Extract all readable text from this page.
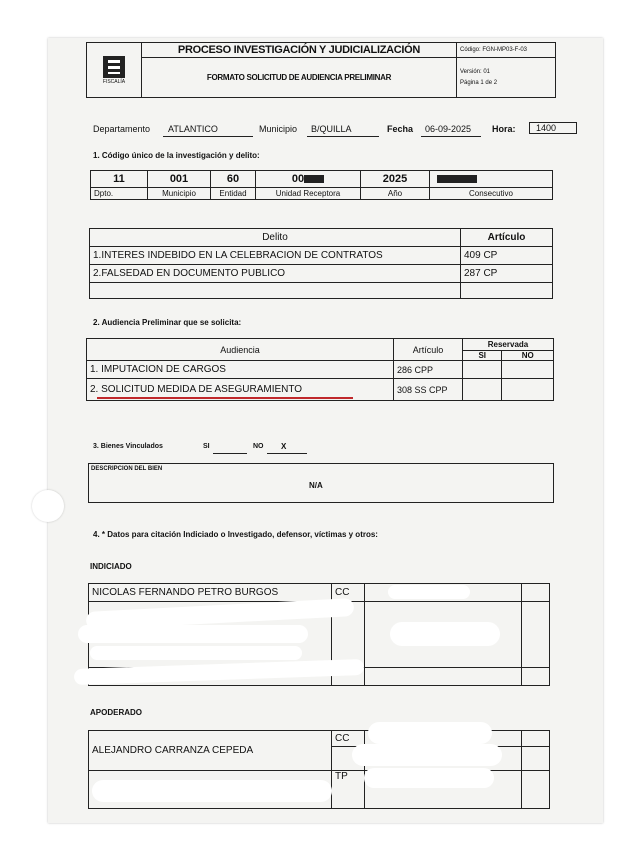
FISCALÍA	PROCESO INVESTIGACIÓN Y JUDICIALIZACIÓN	Código: FGN-MP03-F-03
	FORMATO SOLICITUD DE AUDIENCIA PRELIMINAR	Versión: 01
Página 1 de 2
Departamento ATLANTICO	Municipio B/QUILLA	Fecha 06-09-2025 Hora:	1400
1. Código único de la investigación y delito:
11	001	60	00	2025	
Dpto.	Municipio	Entidad	Unidad Receptora	Año	Consecutivo
Delito	Artículo
1.INTERES INDEBIDO EN LA CELEBRACION DE CONTRATOS	409 CP
2.FALSEDAD EN DOCUMENTO PUBLICO	287 CP

2. Audiencia Preliminar que se solicita:
Audiencia	Artículo	Reservada	
		SI	NO
1. IMPUTACION DE CARGOS	286 CPP		
2. SOLICITUD MEDIDA DE ASEGURAMIENTO	308 SS CPP		
3. Bienes Vinculados	SI	NO X
DESCRIPCION DEL BIEN
N/A
4. * Datos para citación Indiciado o Investigado, defensor, víctimas y otros:
INDICIADO
NICOLAS FERNANDO PETRO BURGOS	CC		

APODERADO
ALEJANDRO CARRANZA CEPEDA	CC		

	TP		
